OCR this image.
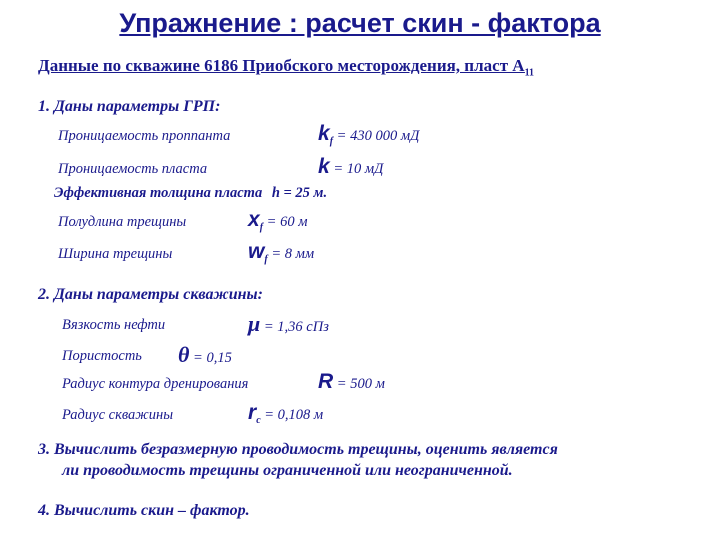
Упражнение : расчет скин - фактора
Данные по скважине 6186 Приобского месторождения, пласт $А_{11}$
1. Даны параметры ГРП:
Проницаемость проппанта	$k_f = 430$ 000 мД
Проницаемость пласта	k = 10 мД
Эффективная толщина пласта h = 25 м.
Полудлина трещины	$x_f = 60$ м
Ширина трещины	$w_f = 8$ мм
2. Даны параметры скважины:
Вязкость нефти	μ = 1,36 сПз
Пористость θ = 0,15
Радиус контура дренирования	R = 500 м
Радиус скважины	$r_c = 0,108$ м
3. Вычислить безразмерную проводимость трещины, оценить является
ли проводимость трещины ограниченной или неограниченной.
4. Вычислить скин – фактор.
